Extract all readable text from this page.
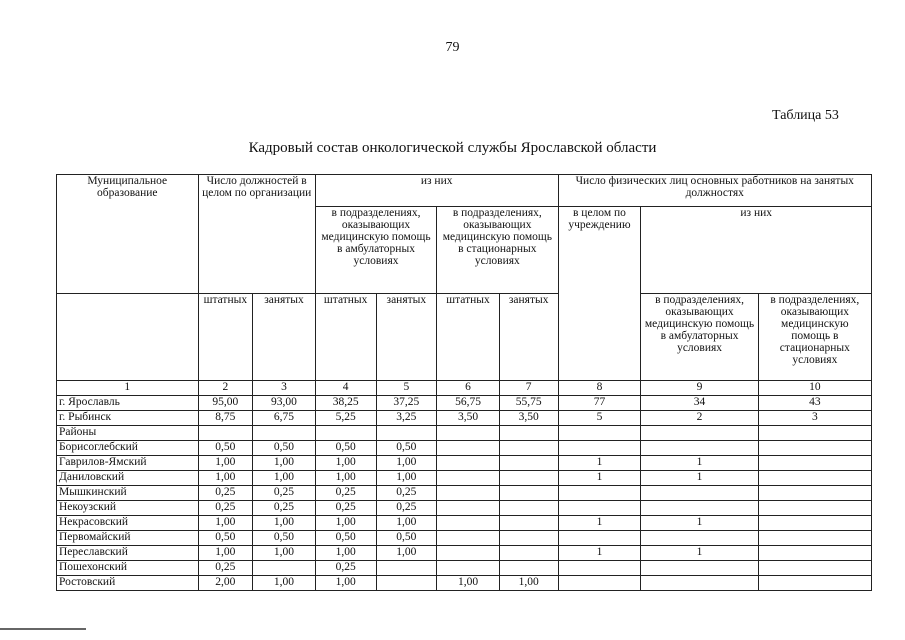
79
Таблица 53
Кадровый состав онкологической службы Ярославской области
Муниципальное образование	Число должностей в целом по организации		из них				Число физических лиц основных работников на занятых должностях		
			в подразделениях, оказывающих медицинскую помощь в амбулаторных условиях		в подразделениях, оказывающих медицинскую помощь в стационарных условиях		в целом по учреждению	из них	
	штатных	занятых	штатных	занятых	штатных	занятых		в подразделениях, оказывающих медицинскую помощь в амбулаторных условиях	в подразделениях, оказывающих медицинскую помощь в стационарных условиях
1	2	3	4	5	6	7	8	9	10
г. Ярославль	95,00	93,00	38,25	37,25	56,75	55,75	77	34	43
г. Рыбинск	8,75	6,75	5,25	3,25	3,50	3,50	5	2	3
Районы									
Борисоглебский	0,50	0,50	0,50	0,50					
Гаврилов-Ямский	1,00	1,00	1,00	1,00			1	1	
Даниловский	1,00	1,00	1,00	1,00			1	1	
Мышкинский	0,25	0,25	0,25	0,25					
Некоузский	0,25	0,25	0,25	0,25					
Некрасовский	1,00	1,00	1,00	1,00			1	1	
Первомайский	0,50	0,50	0,50	0,50					
Переславский	1,00	1,00	1,00	1,00			1	1	
Пошехонский	0,25		0,25						
Ростовский	2,00	1,00	1,00		1,00	1,00			
